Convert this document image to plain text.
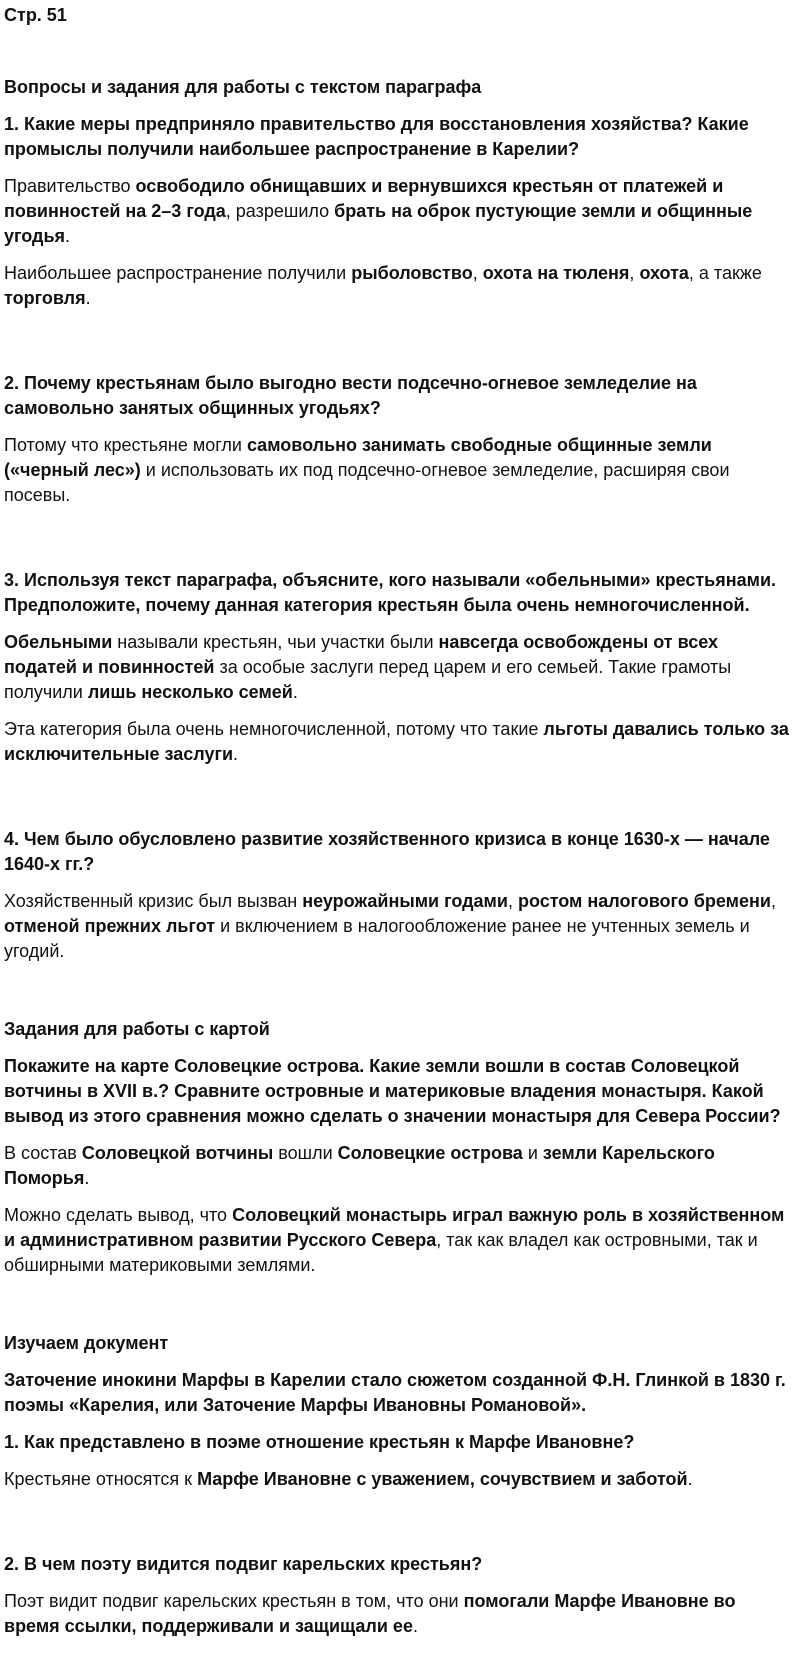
Стр. 51
Вопросы и задания для работы с текстом параграфа
1. Какие меры предприняло правительство для восстановления хозяйства? Какие промыслы получили наибольшее распространение в Карелии?

Правительство освободило обнищавших и вернувшихся крестьян от платежей и повинностей на 2–3 года, разрешило брать на оброк пустующие земли и общинные угодья.

Наибольшее распространение получили рыболовство, охота на тюленя, охота, а также торговля.

2. Почему крестьянам было выгодно вести подсечно-огневое земледелие на самовольно занятых общинных угодьях?

Потому что крестьяне могли самовольно занимать свободные общинные земли («черный лес») и использовать их под подсечно-огневое земледелие, расширяя свои посевы.

3. Используя текст параграфа, объясните, кого называли «обельными» крестьянами. Предположите, почему данная категория крестьян была очень немногочисленной.

Обельными называли крестьян, чьи участки были навсегда освобождены от всех податей и повинностей за особые заслуги перед царем и его семьей. Такие грамоты получили лишь несколько семей.

Эта категория была очень немногочисленной, потому что такие льготы давались только за исключительные заслуги.

4. Чем было обусловлено развитие хозяйственного кризиса в конце 1630-х — начале 1640-х гг.?

Хозяйственный кризис был вызван неурожайными годами, ростом налогового бремени, отменой прежних льгот и включением в налогообложение ранее не учтенных земель и угодий.

Задания для работы с картой
Покажите на карте Соловецкие острова. Какие земли вошли в состав Соловецкой вотчины в XVII в.? Сравните островные и материковые владения монастыря. Какой вывод из этого сравнения можно сделать о значении монастыря для Севера России?

В состав Соловецкой вотчины вошли Соловецкие острова и земли Карельского Поморья.

Можно сделать вывод, что Соловецкий монастырь играл важную роль в хозяйственном и административном развитии Русского Севера, так как владел как островными, так и обширными материковыми землями.

Изучаем документ
Заточение инокини Марфы в Карелии стало сюжетом созданной Ф.Н. Глинкой в 1830 г. поэмы «Карелия, или Заточение Марфы Ивановны Романовой».
1. Как представлено в поэме отношение крестьян к Марфе Ивановне?

Крестьяне относятся к Марфе Ивановне с уважением, сочувствием и заботой.

2. В чем поэту видится подвиг карельских крестьян?

Поэт видит подвиг карельских крестьян в том, что они помогали Марфе Ивановне во время ссылки, поддерживали и защищали ее.
